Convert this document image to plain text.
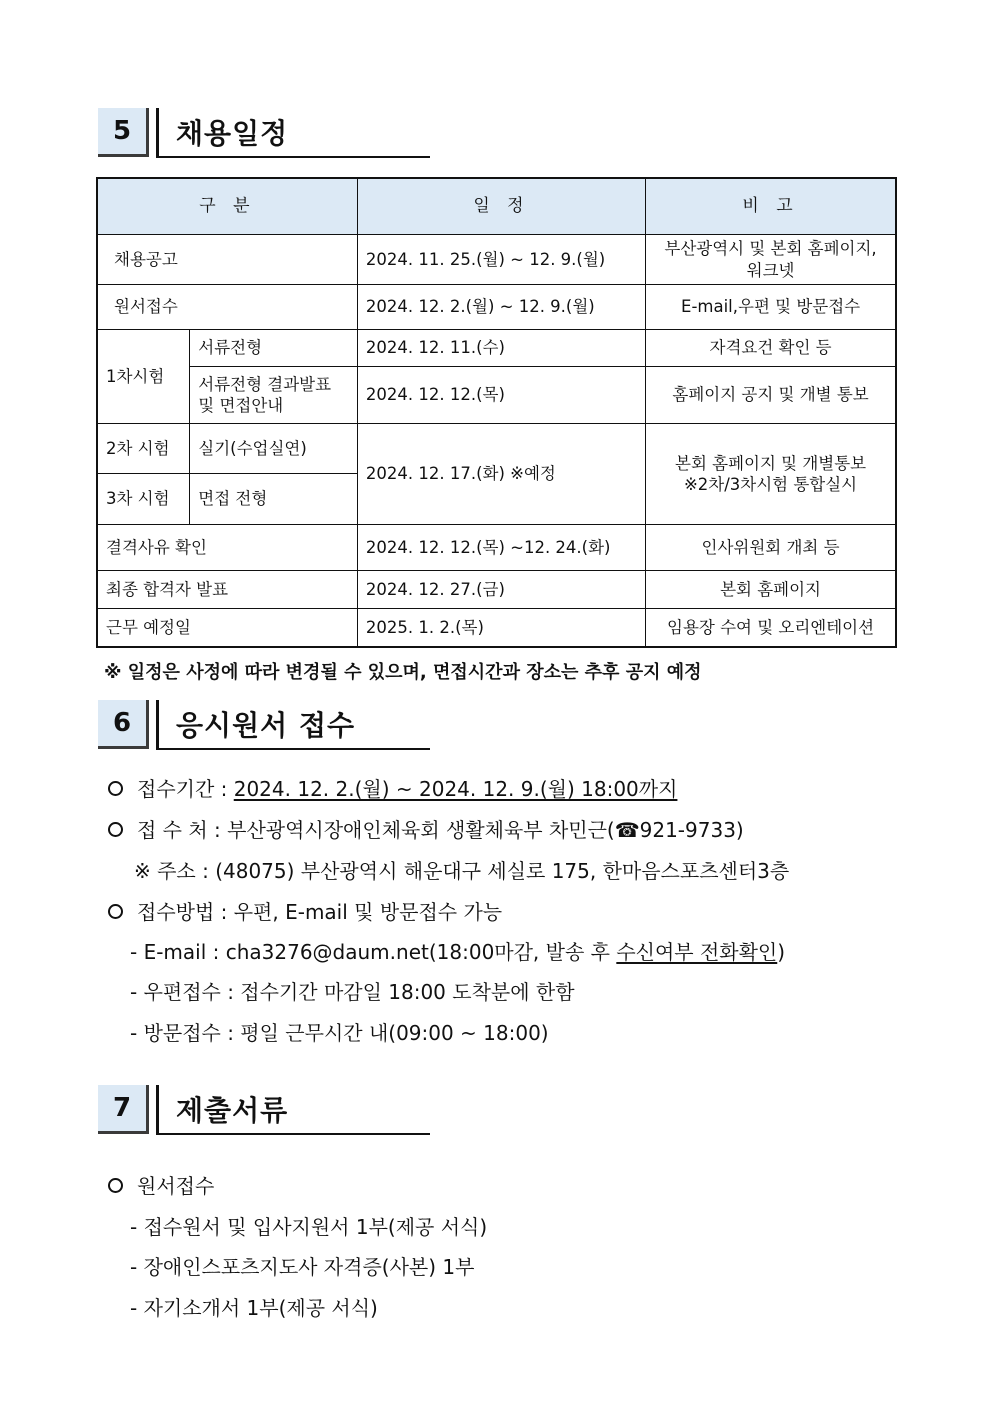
5	채용일정
구 분		일 정	비 고
채용공고		2024. 11. 25.(월) ~ 12. 9.(월)	부산광역시 및 본회 홈페이지, 워크넷
원서접수		2024. 12. 2.(월) ~ 12. 9.(월)	E-mail,우편 및 방문접수
1차시험	서류전형	2024. 12. 11.(수)	자격요건 확인 등
	서류전형 결과발표 및 면접안내	2024. 12. 12.(목)	홈페이지 공지 및 개별 통보
2차 시험	실기(수업실연)	2024. 12. 17.(화) ※예정	본회 홈페이지 및 개별통보
※2차/3차시험 통합실시

3차 시험	면접 전형		
결격사유 확인		2024. 12. 12.(목) ~12. 24.(화)	인사위원회 개최 등
최종 합격자 발표		2024. 12. 27.(금)	본회 홈페이지
근무 예정일		2025. 1. 2.(목)	임용장 수여 및 오리엔테이션
※ 일정은 사정에 따라 변경될 수 있으며, 면접시간과 장소는 추후 공지 예정
6	응시원서 접수
접수기간 : 2024. 12. 2.(월) ~ 2024. 12. 9.(월) 18:00까지
접 수 처 : 부산광역시장애인체육회 생활체육부 차민근(☎921-9733)
※ 주소 : (48075) 부산광역시 해운대구 세실로 175, 한마음스포츠센터3층
접수방법 : 우편, E-mail 및 방문접수 가능
- E-mail : cha3276@daum.net(18:00마감, 발송 후 수신여부 전화확인)
- 우편접수 : 접수기간 마감일 18:00 도착분에 한함
- 방문접수 : 평일 근무시간 내(09:00 ~ 18:00)
7	제출서류
원서접수
- 접수원서 및 입사지원서 1부(제공 서식)
- 장애인스포츠지도사 자격증(사본) 1부
- 자기소개서 1부(제공 서식)
